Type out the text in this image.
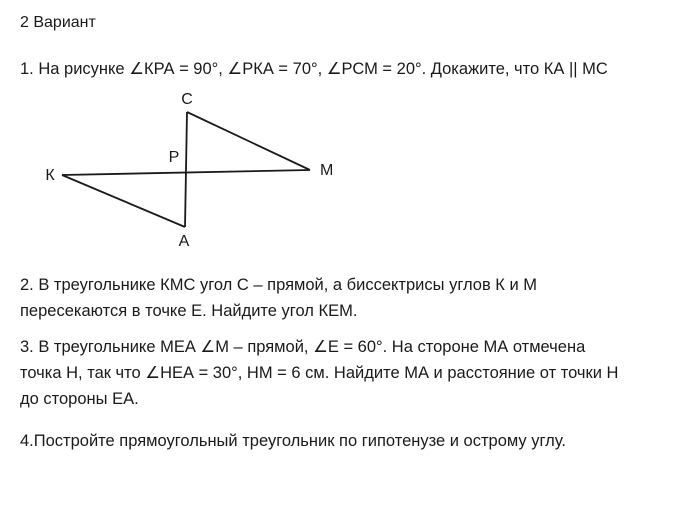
2 Вариант
1. На рисунке ∠КРА = 90°, ∠РКА = 70°, ∠РСМ = 20°. Докажите, что КА || МС
С
Р
М
К
А
2. В треугольнике КМС угол С – прямой, а биссектрисы углов К и М
пересекаются в точке Е. Найдите угол КЕМ.
3. В треугольнике МЕА ∠М – прямой, ∠Е = 60°. На стороне МА отмечена
точка Н, так что ∠НЕА = 30°, НМ = 6 см. Найдите МА и расстояние от точки Н
до стороны ЕА.
4.Постройте прямоугольный треугольник по гипотенузе и острому углу.
